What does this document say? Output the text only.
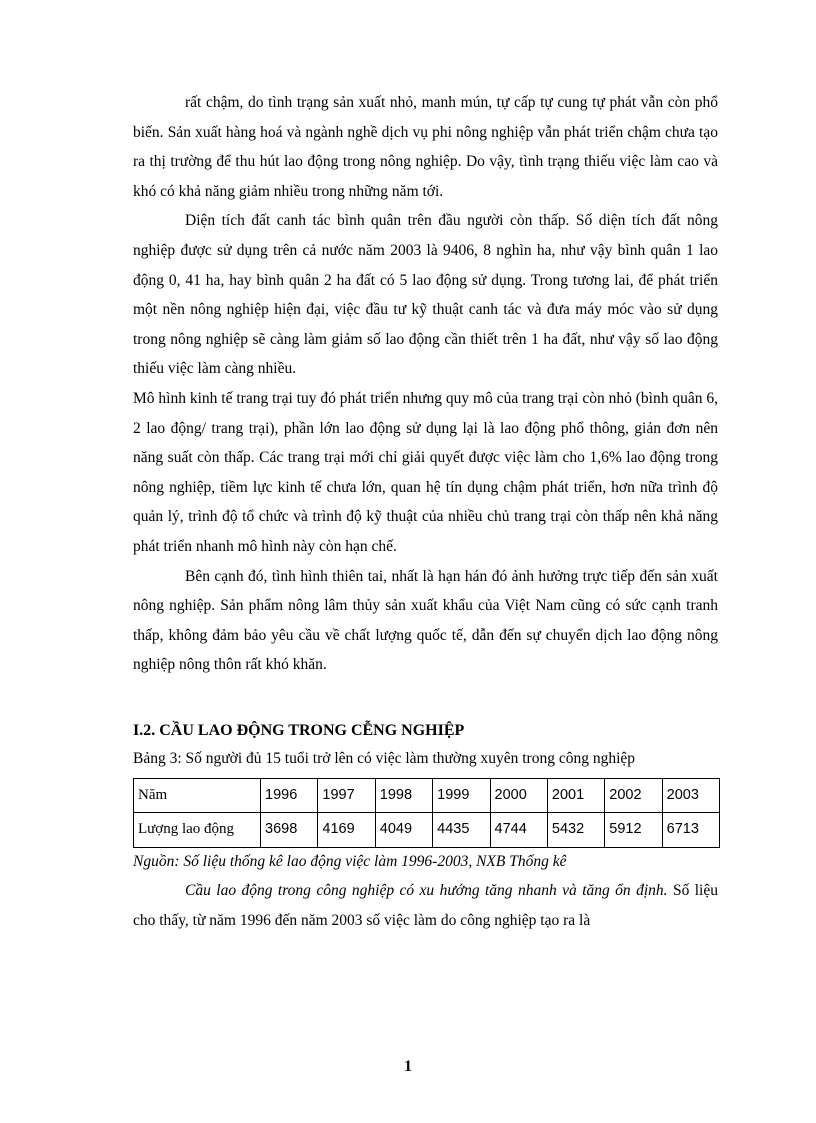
rất chậm, do tình trạng sản xuất nhỏ, manh mún, tự cấp tự cung tự phát vẫn còn phổ biến. Sản xuất hàng hoá và ngành nghề dịch vụ phi nông nghiệp vẫn phát triển chậm chưa tạo ra thị trường để thu hút lao động trong nông nghiệp. Do vậy, tình trạng thiếu việc làm cao và khó có khả năng giảm nhiều trong những năm tới.

Diện tích đất canh tác bình quân trên đầu người còn thấp. Số diện tích đất nông nghiệp được sử dụng trên cả nước năm 2003 là 9406, 8 nghìn ha, như vậy bình quân 1 lao động 0, 41 ha, hay bình quân 2 ha đất có 5 lao động sử dụng. Trong tương lai, để phát triển một nền nông nghiệp hiện đại, việc đầu tư kỹ thuật canh tác và đưa máy móc vào sử dụng trong nông nghiệp sẽ càng làm giảm số lao động cần thiết trên 1 ha đất, như vậy số lao động thiếu việc làm càng nhiều.

Mô hình kinh tế trang trại tuy đó phát triển nhưng quy mô của trang trại còn nhỏ (bình quân 6, 2 lao động/ trang trại), phần lớn lao động sử dụng lại là lao động phổ thông, giản đơn nên năng suất còn thấp. Các trang trại mới chỉ giải quyết được việc làm cho 1,6% lao động trong nông nghiệp, tiềm lực kinh tế chưa lớn, quan hệ tín dụng chậm phát triển, hơn nữa trình độ quản lý, trình độ tổ chức và trình độ kỹ thuật của nhiều chủ trang trại còn thấp nên khả năng phát triển nhanh mô hình này còn hạn chế.

Bên cạnh đó, tình hình thiên tai, nhất là hạn hán đó ảnh hưởng trực tiếp đến sản xuất nông nghiệp. Sản phẩm nông lâm thủy sản xuất khẩu của Việt Nam cũng có sức cạnh tranh thấp, không đảm bảo yêu cầu về chất lượng quốc tế, dẫn đến sự chuyển dịch lao động nông nghiệp nông thôn rất khó khăn.

I.2. CẦU LAO ĐỘNG TRONG CỄNG NGHIỆP

Bảng 3: Số người đủ 15 tuổi trở lên có việc làm thường xuyên trong công nghiệp

Năm	1996	1997	1998	1999	2000	2001	2002	2003
Lượng lao động	3698	4169	4049	4435	4744	5432	5912	6713

Nguồn: Số liệu thống kê lao động việc làm 1996-2003, NXB Thống kê

Cầu lao động trong công nghiệp có xu hướng tăng nhanh và tăng ổn định. Số liệu cho thấy, từ năm 1996 đến năm 2003 số việc làm do công nghiệp tạo ra là

1
